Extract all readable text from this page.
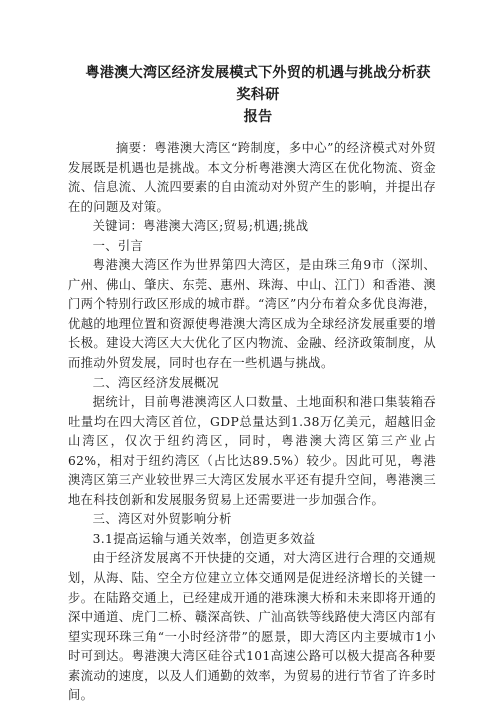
粤港澳大湾区经济发展模式下外贸的机遇与挑战分析获奖科研
报告

摘要：粤港澳大湾区“跨制度，多中心”的经济模式对外贸发展既是机遇也是挑战。本文分析粤港澳大湾区在优化物流、资金流、信息流、人流四要素的自由流动对外贸产生的影响，并提出存在的问题及对策。

关键词：粤港澳大湾区;贸易;机遇;挑战

一、引言

粤港澳大湾区作为世界第四大湾区，是由珠三角9市（深圳、广州、佛山、肇庆、东莞、惠州、珠海、中山、江门）和香港、澳门两个特别行政区形成的城市群。“湾区”内分布着众多优良海港，优越的地理位置和资源使粤港澳大湾区成为全球经济发展重要的增长极。建设大湾区大大优化了区内物流、金融、经济政策制度，从而推动外贸发展，同时也存在一些机遇与挑战。

二、湾区经济发展概况

据统计，目前粤港澳湾区人口数量、土地面积和港口集装箱吞吐量均在四大湾区首位，GDP总量达到1.38万亿美元，超越旧金山湾区，仅次于纽约湾区，同时，粤港澳大湾区第三产业占62%，相对于纽约湾区（占比达89.5%）较少。因此可见，粤港澳湾区第三产业较世界三大湾区发展水平还有提升空间，粤港澳三地在科技创新和发展服务贸易上还需要进一步加强合作。

三、湾区对外贸影响分析

3.1提高运输与通关效率，创造更多效益

由于经济发展离不开快捷的交通，对大湾区进行合理的交通规划，从海、陆、空全方位建立立体交通网是促进经济增长的关键一步。在陆路交通上，已经建成开通的港珠澳大桥和未来即将开通的深中通道、虎门二桥、赣深高铁、广汕高铁等线路使大湾区内部有望实现环珠三角“一小时经济带”的愿景，即大湾区内主要城市1小时可到达。粤港澳大湾区硅谷式101高速公路可以极大提高各种要素流动的速度，以及人们通勤的效率，为贸易的进行节省了许多时间。
